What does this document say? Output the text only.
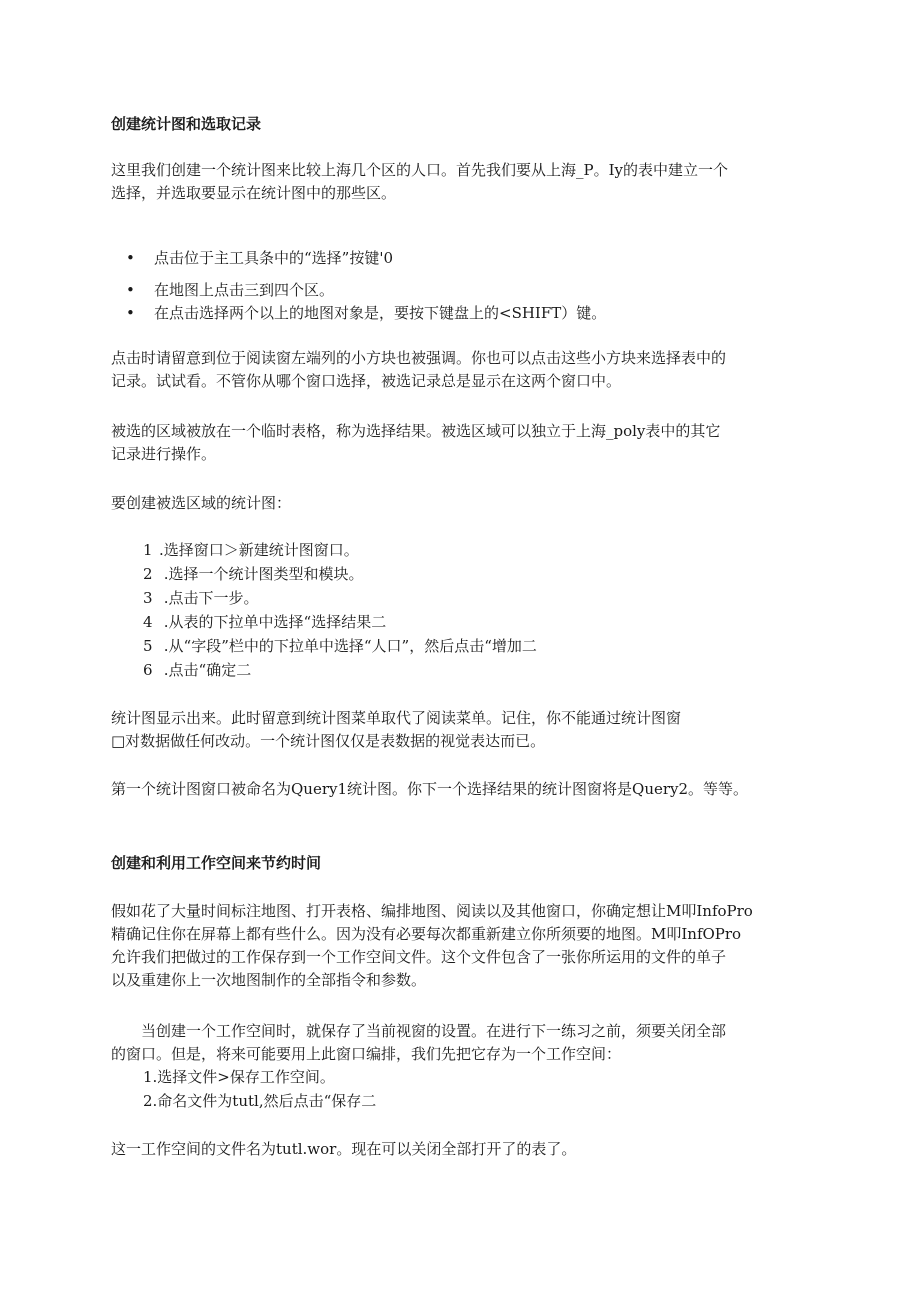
创建统计图和选取记录
这里我们创建一个统计图来比较上海几个区的人口。首先我们要从上海_P。Iy的表中建立一个
选择，并选取要显示在统计图中的那些区。
•	点击位于主工具条中的“选择”按键'0
•	在地图上点击三到四个区。
•	在点击选择两个以上的地图对象是，要按下键盘上的<SHIFT）键。
点击时请留意到位于阅读窗左端列的小方块也被强调。你也可以点击这些小方块来选择表中的
记录。试试看。不管你从哪个窗口选择，被选记录总是显示在这两个窗口中。
被选的区域被放在一个临时表格，称为选择结果。被选区域可以独立于上海_poly表中的其它
记录进行操作。
要创建被选区域的统计图：
1 .选择窗口＞新建统计图窗口。
2 .选择一个统计图类型和模块。
3 .点击下一步。
4 .从表的下拉单中选择“选择结果二
5 .从“字段”栏中的下拉单中选择“人口”，然后点击“增加二
6 .点击“确定二
统计图显示出来。此时留意到统计图菜单取代了阅读菜单。记住，你不能通过统计图窗
□对数据做任何改动。一个统计图仅仅是表数据的视觉表达而已。
第一个统计图窗口被命名为Query1统计图。你下一个选择结果的统计图窗将是Query2。等等。
创建和利用工作空间来节约时间
假如花了大量时间标注地图、打开表格、编排地图、阅读以及其他窗口，你确定想让M叩InfoPro
精确记住你在屏幕上都有些什么。因为没有必要每次都重新建立你所须要的地图。M叩InfOPro
允许我们把做过的工作保存到一个工作空间文件。这个文件包含了一张你所运用的文件的单子
以及重建你上一次地图制作的全部指令和参数。
当创建一个工作空间时，就保存了当前视窗的设置。在进行下一练习之前，须要关闭全部
的窗口。但是，将来可能要用上此窗口编排，我们先把它存为一个工作空间：
1.选择文件>保存工作空间。
2.命名文件为tutl,然后点击“保存二
这一工作空间的文件名为tutl.wor。现在可以关闭全部打开了的表了。
